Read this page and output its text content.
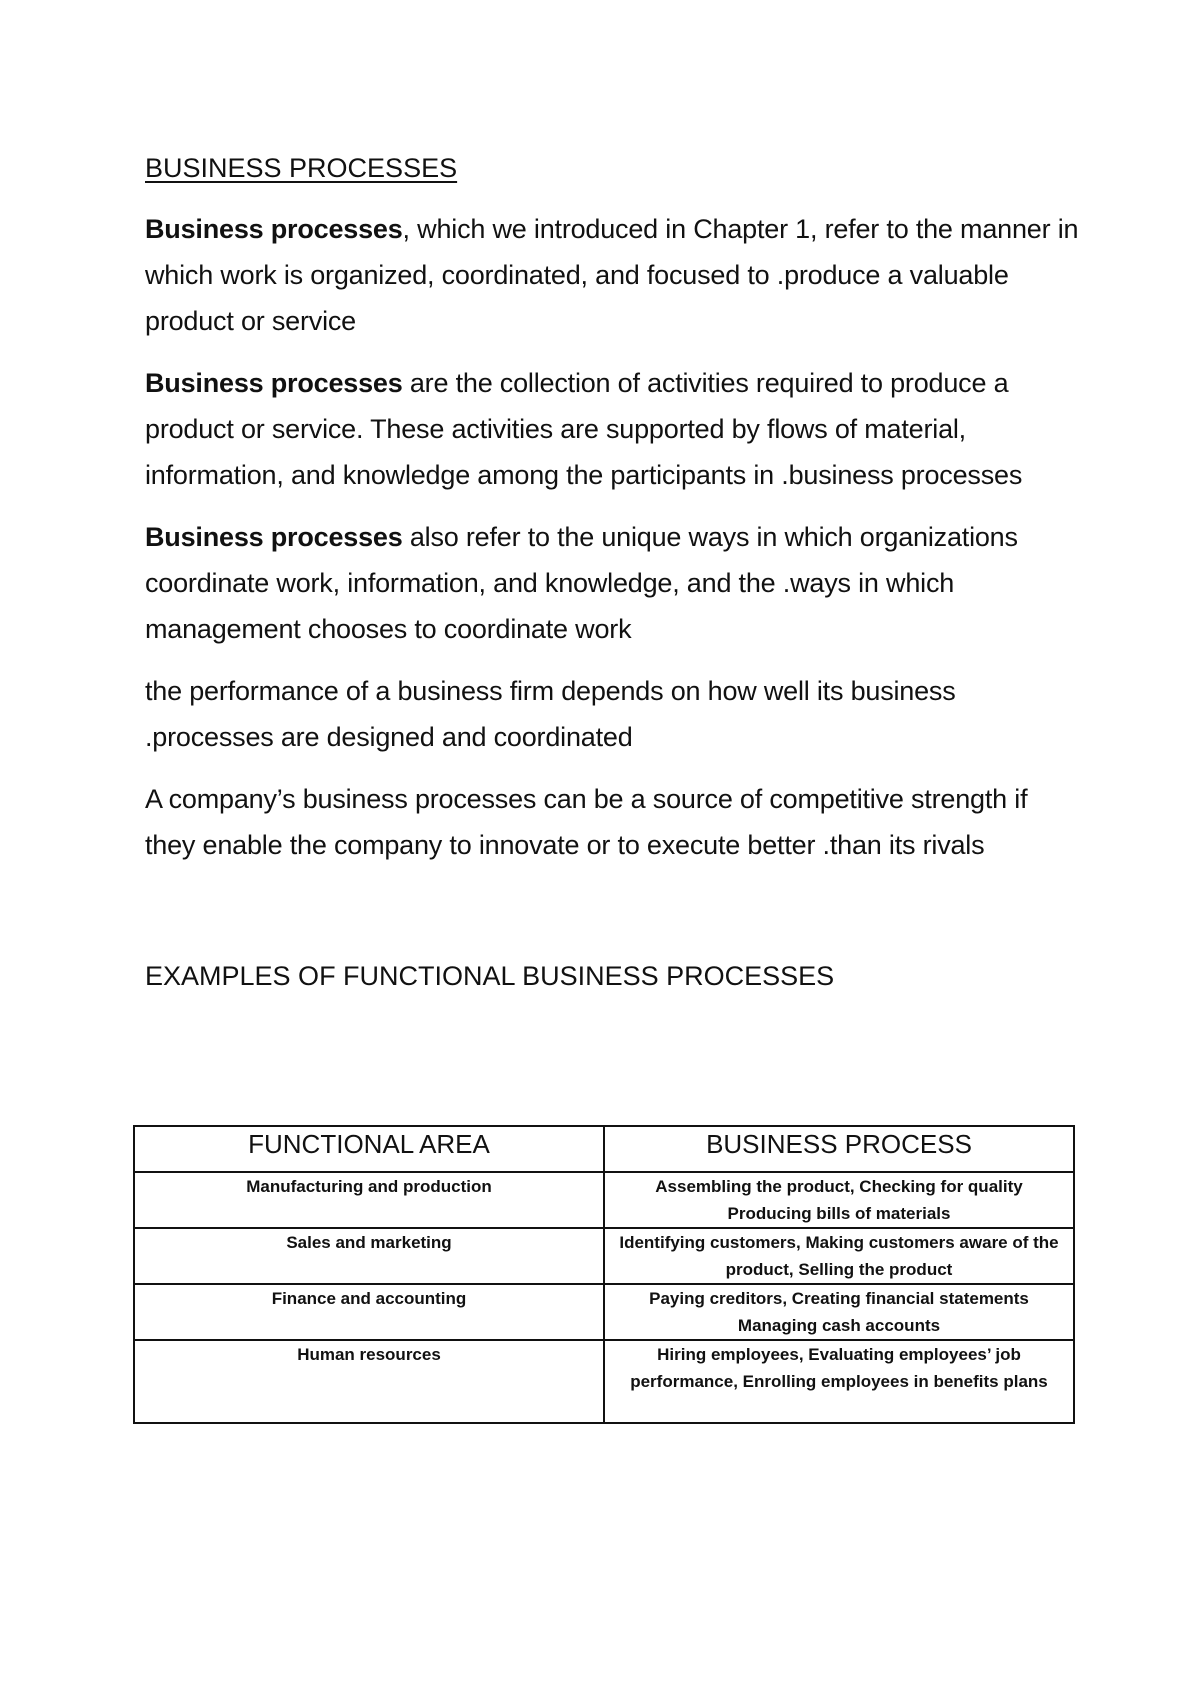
BUSINESS PROCESSES

Business processes, which we introduced in Chapter 1, refer to the manner in which work is organized, coordinated, and focused to .produce a valuable product or service

Business processes are the collection of activities required to produce a product or service. These activities are supported by flows of material, information, and knowledge among the participants in .business processes

Business processes also refer to the unique ways in which organizations coordinate work, information, and knowledge, and the .ways in which management chooses to coordinate work

the performance of a business firm depends on how well its business .processes are designed and coordinated

A company’s business processes can be a source of competitive strength if they enable the company to innovate or to execute better .than its rivals

EXAMPLES OF FUNCTIONAL BUSINESS PROCESSES
FUNCTIONAL AREA	BUSINESS PROCESS
Manufacturing and production	Assembling the product, Checking for quality Producing bills of materials
Sales and marketing	Identifying customers, Making customers aware of the product, Selling the product
Finance and accounting	Paying creditors, Creating financial statements Managing cash accounts
Human resources	Hiring employees, Evaluating employees’ job performance, Enrolling employees in benefits plans
